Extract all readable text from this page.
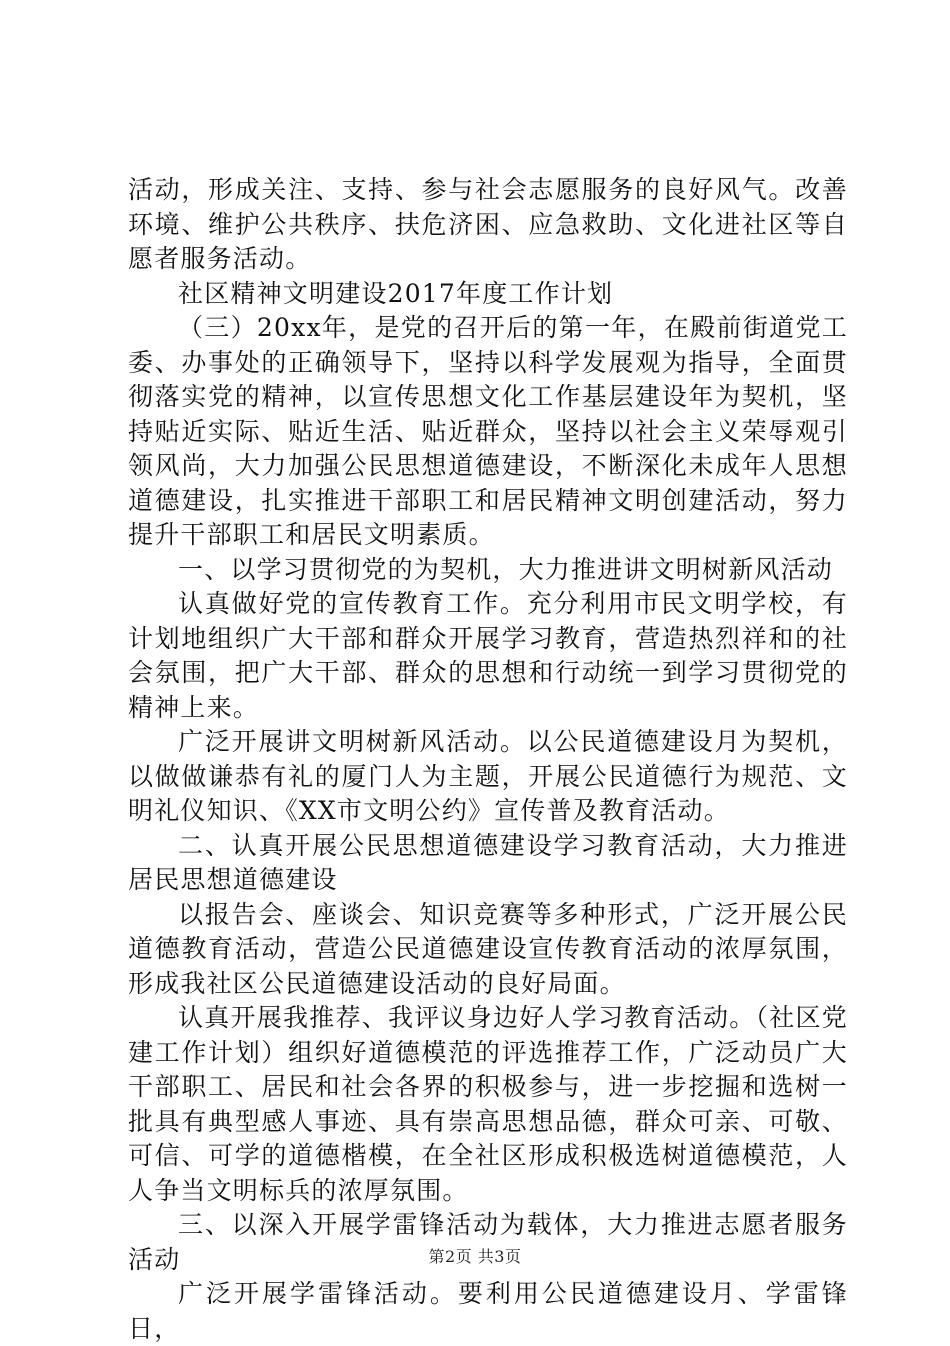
活动，形成关注、支持、参与社会志愿服务的良好风气。改善环境、维护公共秩序、扶危济困、应急救助、文化进社区等自愿者服务活动。

社区精神文明建设2017年度工作计划

（三）20xx年，是党的召开后的第一年，在殿前街道党工委、办事处的正确领导下，坚持以科学发展观为指导，全面贯彻落实党的精神，以宣传思想文化工作基层建设年为契机，坚持贴近实际、贴近生活、贴近群众，坚持以社会主义荣辱观引领风尚，大力加强公民思想道德建设，不断深化未成年人思想道德建设，扎实推进干部职工和居民精神文明创建活动，努力提升干部职工和居民文明素质。

一、以学习贯彻党的为契机，大力推进讲文明树新风活动

认真做好党的宣传教育工作。充分利用市民文明学校，有计划地组织广大干部和群众开展学习教育，营造热烈祥和的社会氛围，把广大干部、群众的思想和行动统一到学习贯彻党的精神上来。

广泛开展讲文明树新风活动。以公民道德建设月为契机，以做做谦恭有礼的厦门人为主题，开展公民道德行为规范、文明礼仪知识、《XX市文明公约》宣传普及教育活动。

二、认真开展公民思想道德建设学习教育活动，大力推进居民思想道德建设

以报告会、座谈会、知识竞赛等多种形式，广泛开展公民道德教育活动，营造公民道德建设宣传教育活动的浓厚氛围，形成我社区公民道德建设活动的良好局面。

认真开展我推荐、我评议身边好人学习教育活动。（社区党建工作计划）组织好道德模范的评选推荐工作，广泛动员广大干部职工、居民和社会各界的积极参与，进一步挖掘和选树一批具有典型感人事迹、具有崇高思想品德，群众可亲、可敬、可信、可学的道德楷模，在全社区形成积极选树道德模范，人人争当文明标兵的浓厚氛围。

三、以深入开展学雷锋活动为载体，大力推进志愿者服务活动

广泛开展学雷锋活动。要利用公民道德建设月、学雷锋日，

第2页 共3页
